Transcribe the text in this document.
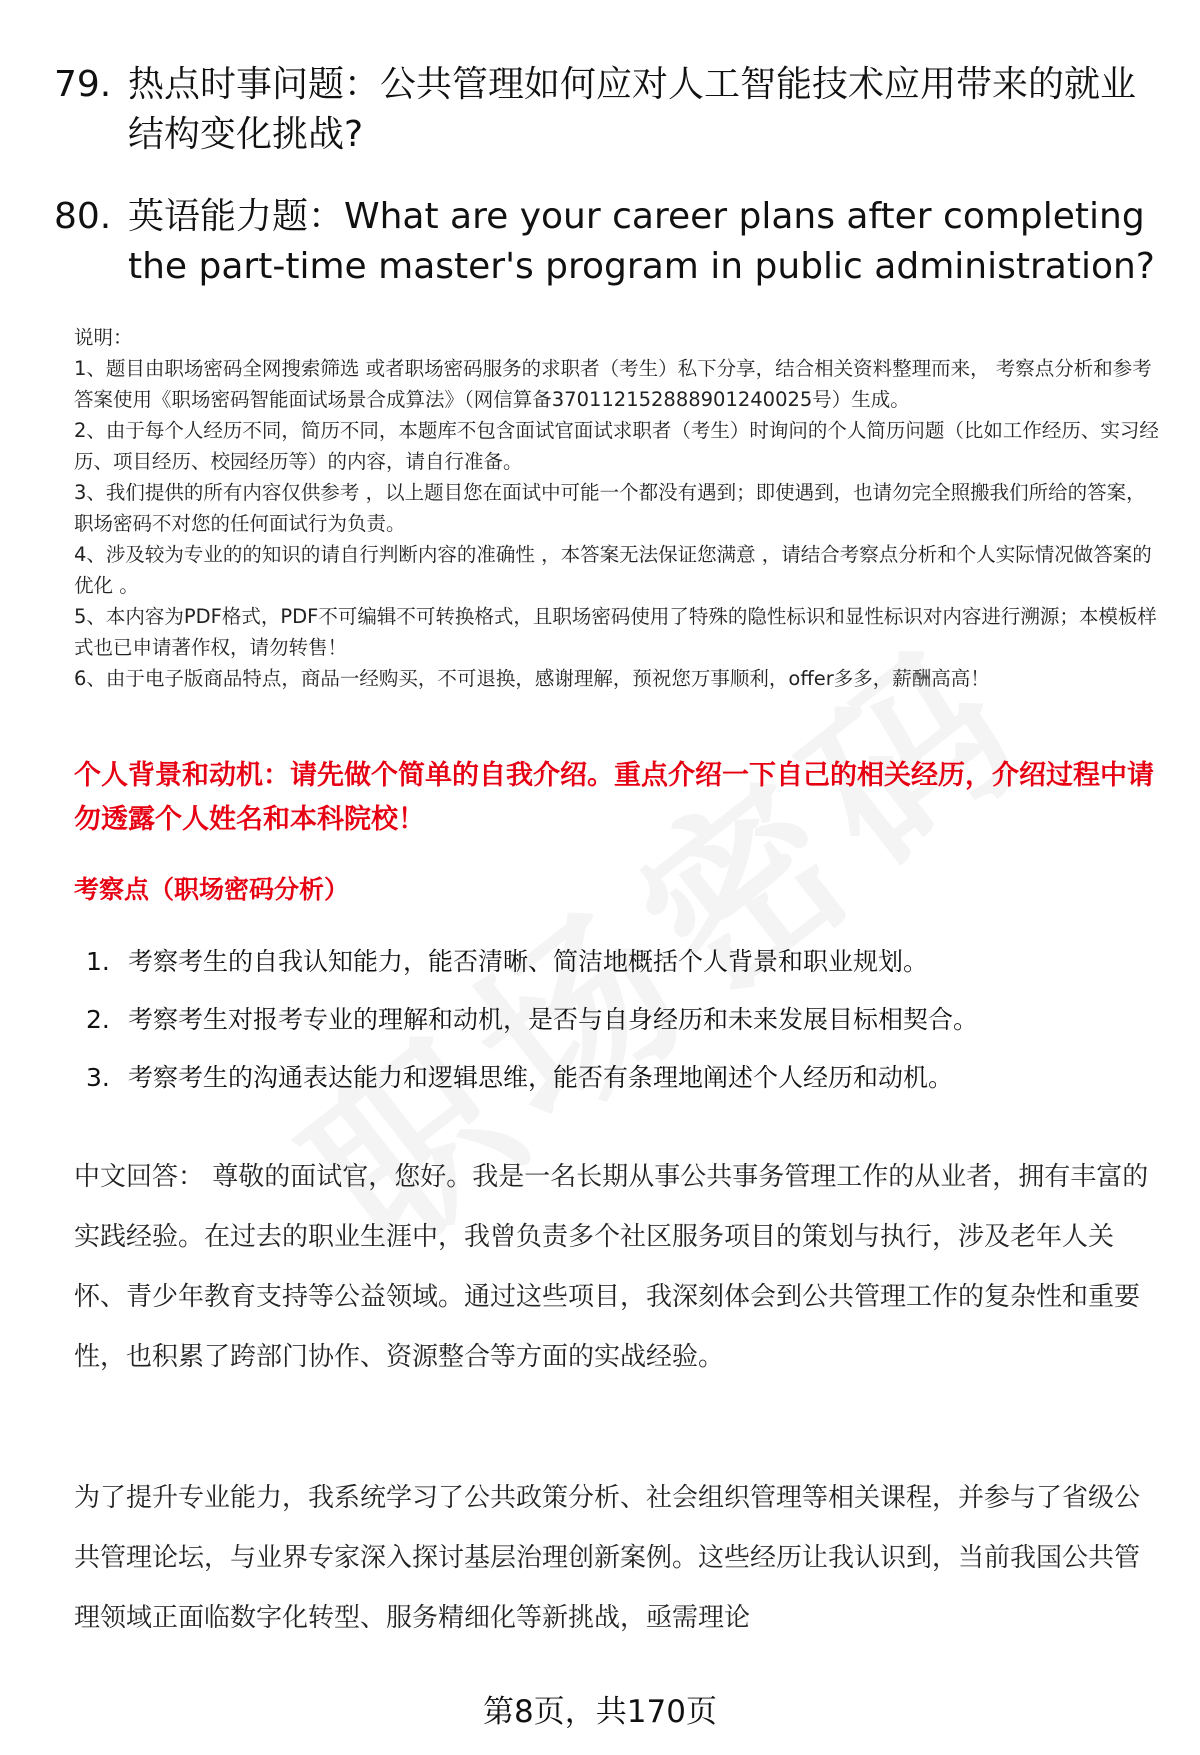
79. 热点时事问题：公共管理如何应对人工智能技术应用带来的就业结构变化挑战?
80. 英语能力题：What are your career plans after completing the part-time master's program in public administration?

说明：

1、题目由职场密码全网搜索筛选 或者职场密码服务的求职者（考生）私下分享，结合相关资料整理而来， 考察点分析和参考答案使用《职场密码智能面试场景合成算法》（网信算备370112152888901240025号）生成。

2、由于每个人经历不同，简历不同，本题库不包含面试官面试求职者（考生）时询问的个人简历问题（比如工作经历、实习经历、项目经历、校园经历等）的内容，请自行准备。

3、我们提供的所有内容仅供参考 ，以上题目您在面试中可能一个都没有遇到；即使遇到，也请勿完全照搬我们所给的答案，职场密码不对您的任何面试行为负责。

4、涉及较为专业的的知识的请自行判断内容的准确性 ，本答案无法保证您满意 ，请结合考察点分析和个人实际情况做答案的优化 。

5、本内容为PDF格式，PDF不可编辑不可转换格式，且职场密码使用了特殊的隐性标识和显性标识对内容进行溯源；本模板样式也已申请著作权，请勿转售！

6、由于电子版商品特点，商品一经购买，不可退换，感谢理解，预祝您万事顺利，offer多多，薪酬高高！

个人背景和动机：请先做个简单的自我介绍。重点介绍一下自己的相关经历，介绍过程中请勿透露个人姓名和本科院校！
考察点（职场密码分析）
1. 考察考生的自我认知能力，能否清晰、简洁地概括个人背景和职业规划。
2. 考察考生对报考专业的理解和动机，是否与自身经历和未来发展目标相契合。
3. 考察考生的沟通表达能力和逻辑思维，能否有条理地阐述个人经历和动机。

中文回答： 尊敬的面试官，您好。我是一名长期从事公共事务管理工作的从业者，拥有丰富的实践经验。在过去的职业生涯中，我曾负责多个社区服务项目的策划与执行，涉及老年人关怀、青少年教育支持等公益领域。通过这些项目，我深刻体会到公共管理工作的复杂性和重要性，也积累了跨部门协作、资源整合等方面的实战经验。

为了提升专业能力，我系统学习了公共政策分析、社会组织管理等相关课程，并参与了省级公共管理论坛，与业界专家深入探讨基层治理创新案例。这些经历让我认识到，当前我国公共管理领域正面临数字化转型、服务精细化等新挑战，亟需理论

第8页，共170页
